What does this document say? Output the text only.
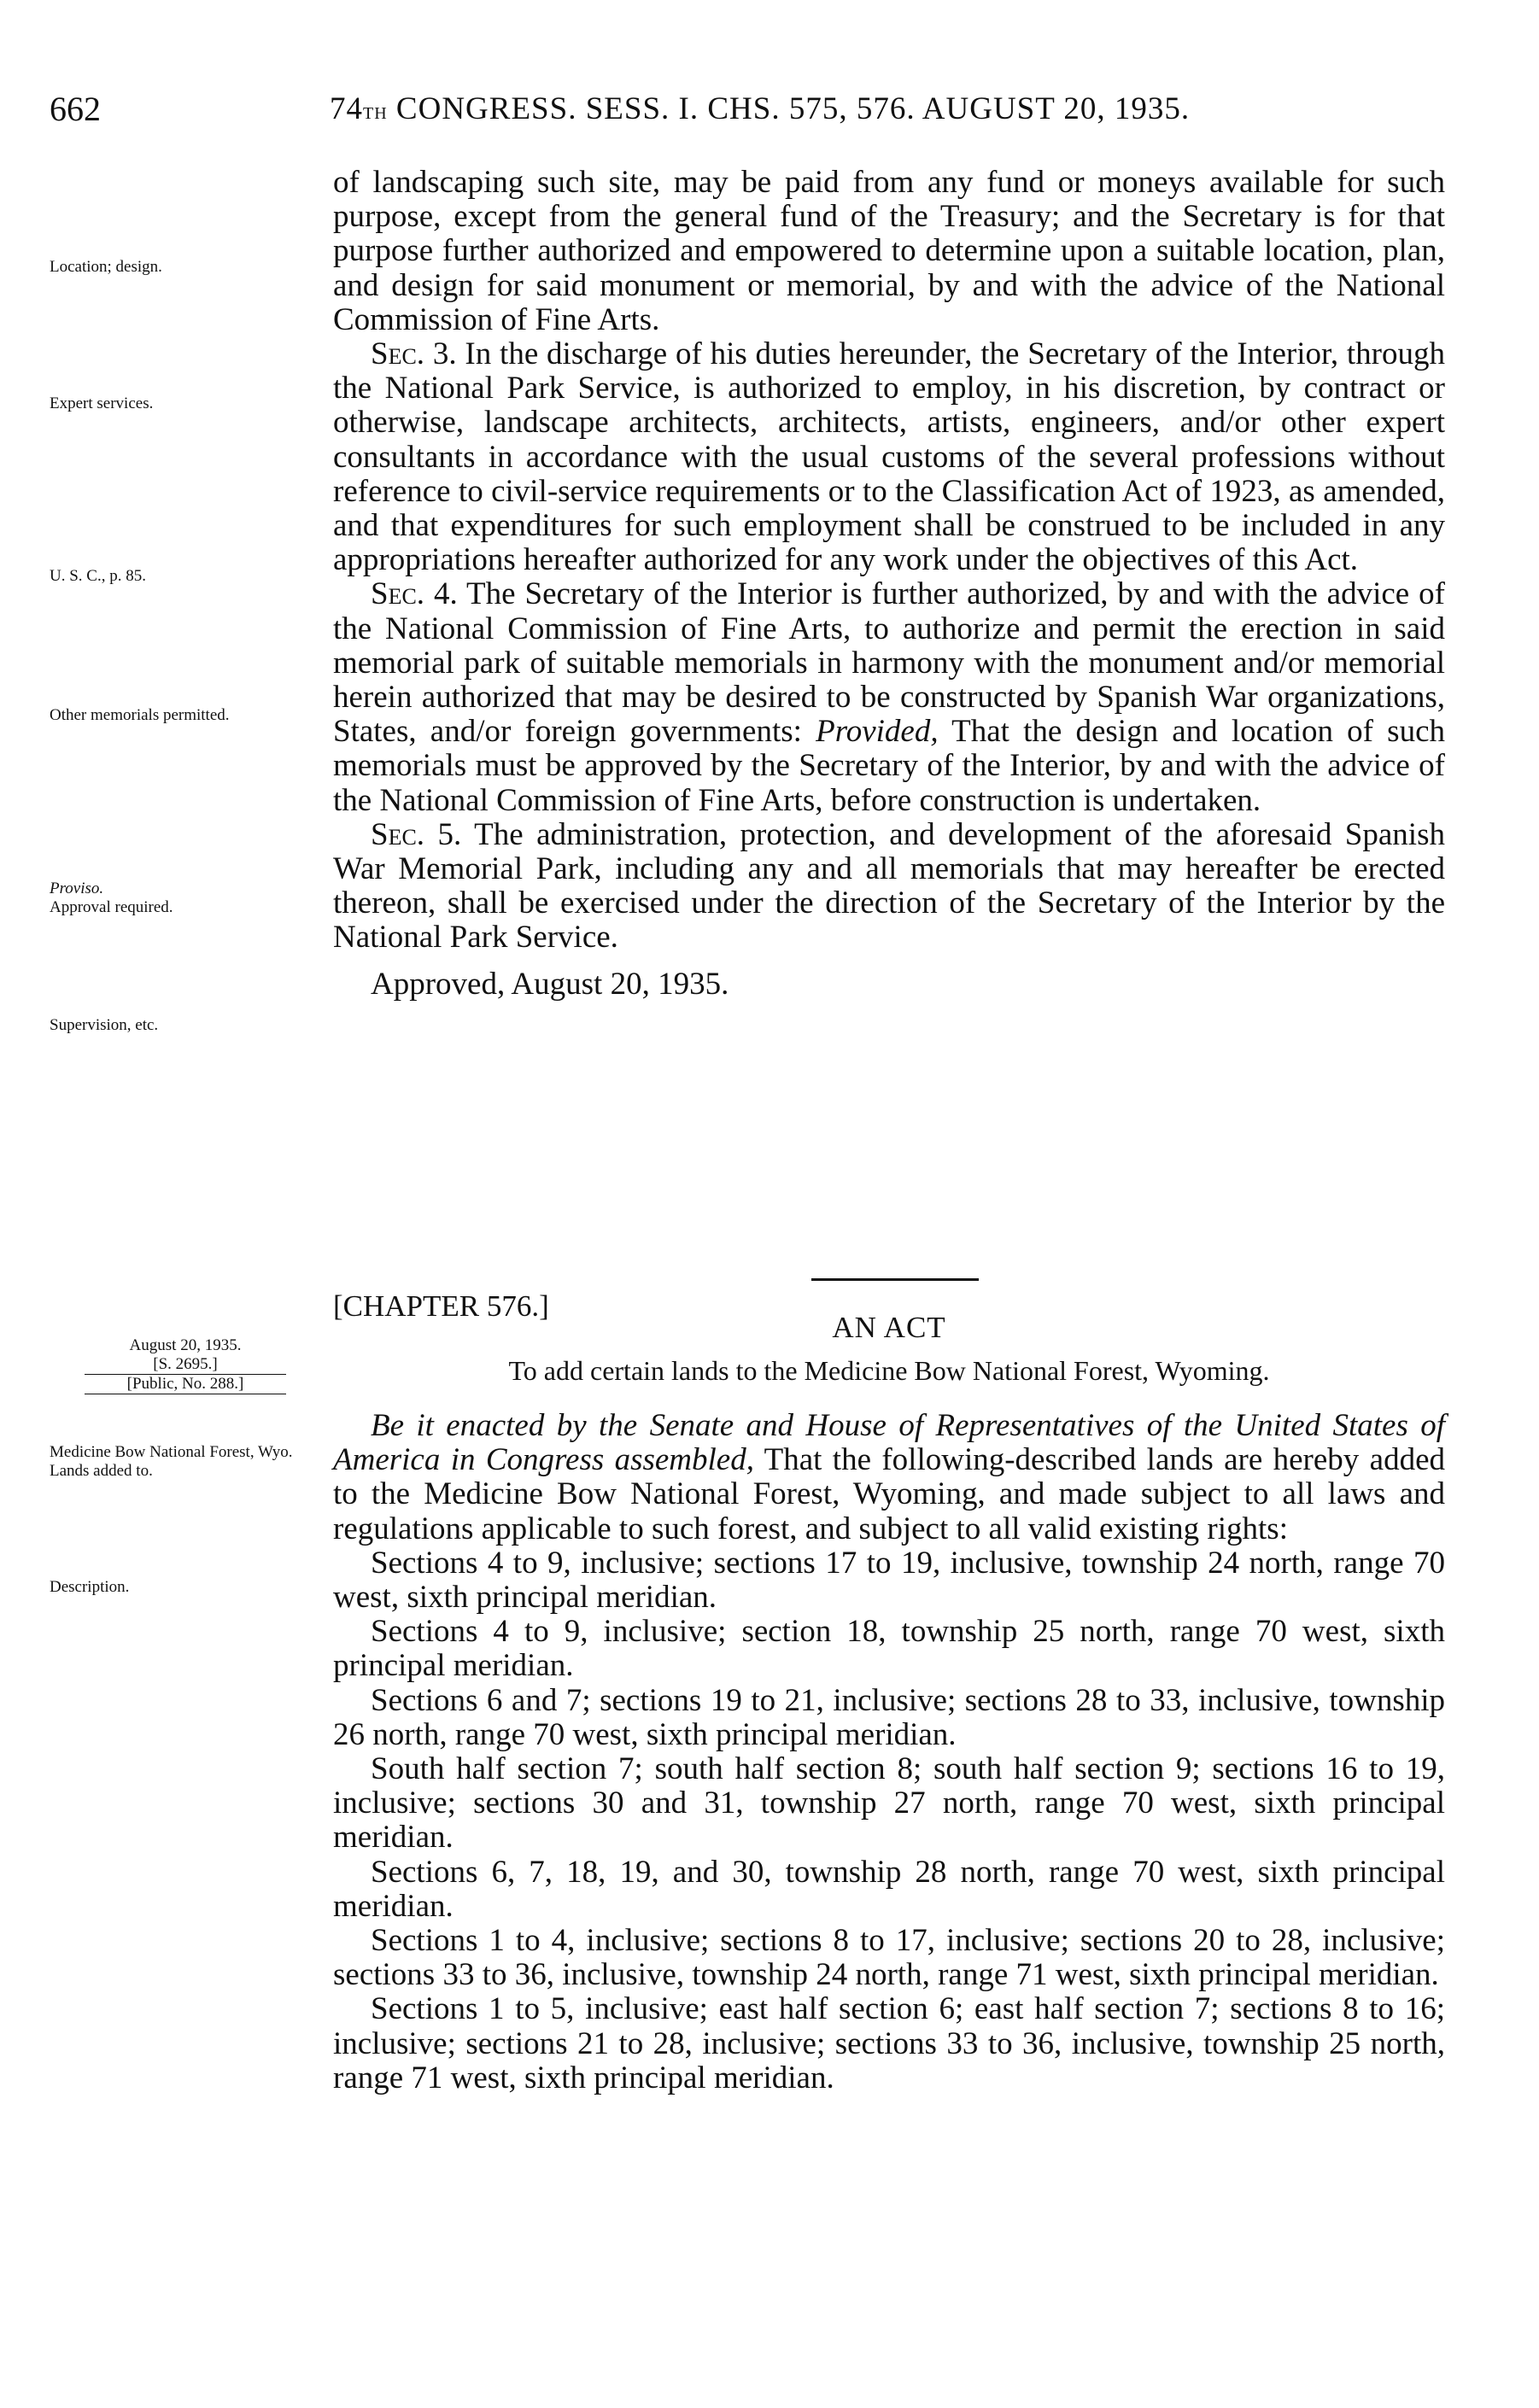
662	74th CONGRESS. SESS. I. CHS. 575, 576. AUGUST 20, 1935.
Location; design.
Expert services.
U. S. C., p. 85.
Other memorials permitted.
Proviso.
Approval required.
Supervision, etc.

of landscaping such site, may be paid from any fund or moneys available for such purpose, except from the general fund of the Treasury; and the Secretary is for that purpose further authorized and empowered to determine upon a suitable location, plan, and design for said monument or memorial, by and with the advice of the National Commission of Fine Arts.

Sec. 3. In the discharge of his duties hereunder, the Secretary of the Interior, through the National Park Service, is authorized to employ, in his discretion, by contract or otherwise, landscape architects, architects, artists, engineers, and/or other expert consultants in accordance with the usual customs of the several professions without reference to civil-service requirements or to the Classification Act of 1923, as amended, and that expenditures for such employment shall be construed to be included in any appropriations hereafter authorized for any work under the objectives of this Act.

Sec. 4. The Secretary of the Interior is further authorized, by and with the advice of the National Commission of Fine Arts, to authorize and permit the erection in said memorial park of suitable memorials in harmony with the monument and/or memorial herein authorized that may be desired to be constructed by Spanish War organizations, States, and/or foreign governments: Provided, That the design and location of such memorials must be approved by the Secretary of the Interior, by and with the advice of the National Commission of Fine Arts, before construction is undertaken.

Sec. 5. The administration, protection, and development of the aforesaid Spanish War Memorial Park, including any and all memorials that may hereafter be erected thereon, shall be exercised under the direction of the Secretary of the Interior by the National Park Service.

Approved, August 20, 1935.

[CHAPTER 576.]
AN ACT
To add certain lands to the Medicine Bow National Forest, Wyoming.
August 20, 1935.
[S. 2695.]
[Public, No. 288.]
Medicine Bow National Forest, Wyo.
Lands added to.
Description.

Be it enacted by the Senate and House of Representatives of the United States of America in Congress assembled, That the following-described lands are hereby added to the Medicine Bow National Forest, Wyoming, and made subject to all laws and regulations applicable to such forest, and subject to all valid existing rights:

Sections 4 to 9, inclusive; sections 17 to 19, inclusive, township 24 north, range 70 west, sixth principal meridian.

Sections 4 to 9, inclusive; section 18, township 25 north, range 70 west, sixth principal meridian.

Sections 6 and 7; sections 19 to 21, inclusive; sections 28 to 33, inclusive, township 26 north, range 70 west, sixth principal meridian.

South half section 7; south half section 8; south half section 9; sections 16 to 19, inclusive; sections 30 and 31, township 27 north, range 70 west, sixth principal meridian.

Sections 6, 7, 18, 19, and 30, township 28 north, range 70 west, sixth principal meridian.

Sections 1 to 4, inclusive; sections 8 to 17, inclusive; sections 20 to 28, inclusive; sections 33 to 36, inclusive, township 24 north, range 71 west, sixth principal meridian.

Sections 1 to 5, inclusive; east half section 6; east half section 7; sections 8 to 16; inclusive; sections 21 to 28, inclusive; sections 33 to 36, inclusive, township 25 north, range 71 west, sixth principal meridian.
